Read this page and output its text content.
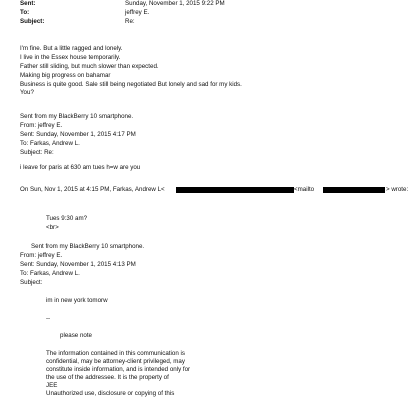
Sent:	Sunday, November 1, 2015 9:22 PM
To:	jeffrey E.
Subject:	Re:
I'm fine. But a little ragged and lonely.
I live in the Essex house temporarily.
Father still sliding, but much slower than expected.
Making big progress on bahamar
Business is quite good. Sale still being negotiated But lonely and sad for my kids.
You?
Sent from my BlackBerry 10 smartphone.
From: jeffrey E.
Sent: Sunday, November 1, 2015 4:17 PM
To: Farkas, Andrew L.
Subject: Re:
i leave for paris at 630 am tues h=w are you
On Sun, Nov 1, 2015 at 4:15 PM, Farkas, Andrew L<	<mailto	> wrote:
Tues 9:30 am?
<br>
Sent from my BlackBerry 10 smartphone.
From: jeffrey E.
Sent: Sunday, November 1, 2015 4:13 PM
To: Farkas, Andrew L.
Subject:
im in new york tomorw
--
please note
The information contained in this communication is
confidential, may be attorney-client privileged, may
constitute inside information, and is intended only for
the use of the addressee. It is the property of
JEE
Unauthorized use, disclosure or copying of this
